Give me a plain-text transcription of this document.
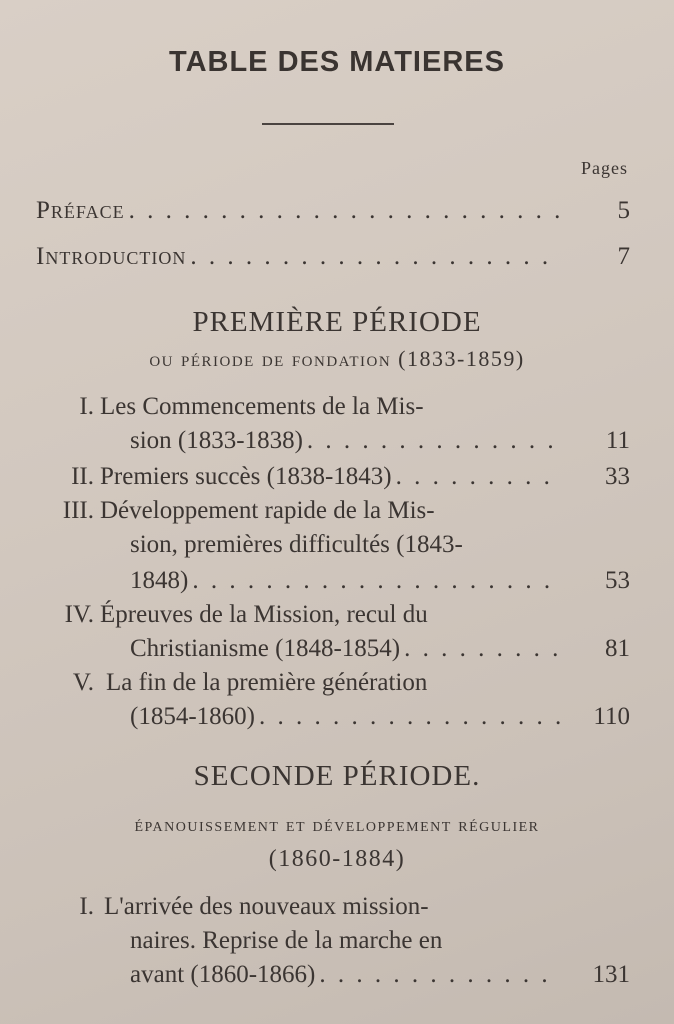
TABLE DES MATIERES
Pages
Préface . . .	5
Introduction . . .	7
PREMIÈRE PÉRIODE
ou période de fondation (1833-1859)
I. Les Commencements de la Mis-
sion (1833-1838) . . .	11
II. Premiers succès (1838-1843) . . .	33
III. Développement rapide de la Mis-
sion, premières difficultés (1843-
1848) . . .	53
IV. Épreuves de la Mission, recul du
Christianisme (1848-1854) . . .	81
V. La fin de la première génération
(1854-1860) . . .	110
SECONDE PÉRIODE.
épanouissement et développement régulier
(1860-1884)
I. L'arrivée des nouveaux mission-
naires. Reprise de la marche en
avant (1860-1866) . . .	131
